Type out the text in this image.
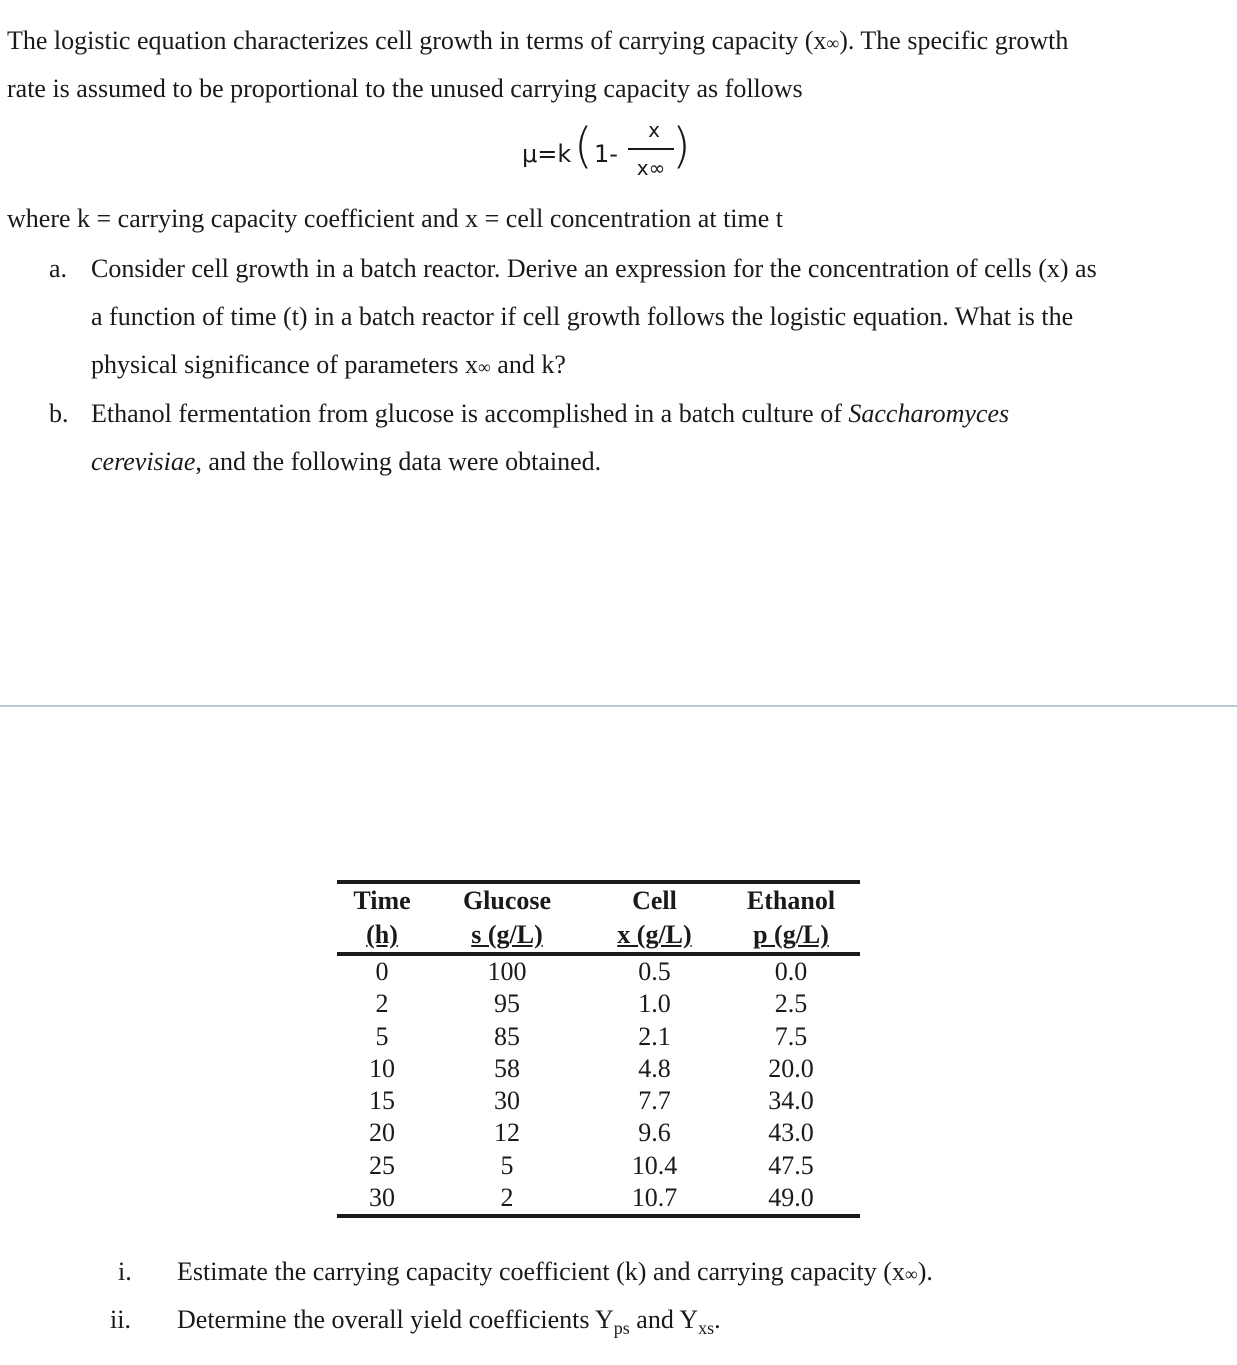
The logistic equation characterizes cell growth in terms of carrying capacity (x∞). The specific growth
rate is assumed to be proportional to the unused carrying capacity as follows
μ=k ( 1-
x
x∞ )
where k = carrying capacity coefficient and x = cell concentration at time t
a. Consider cell growth in a batch reactor. Derive an expression for the concentration of cells (x) as
a function of time (t) in a batch reactor if cell growth follows the logistic equation. What is the
physical significance of parameters x∞ and k?
b. Ethanol fermentation from glucose is accomplished in a batch culture of Saccharomyces
cerevisiae, and the following data were obtained.
Time	Glucose	Cell	Ethanol
(h)	s (g/L)	x (g/L)	p (g/L)
0	100	0.5	0.0
2	95	1.0	2.5
5	85	2.1	7.5
10	58	4.8	20.0
15	30	7.7	34.0
20	12	9.6	43.0
25	5	10.4	47.5
30	2	10.7	49.0
i. Estimate the carrying capacity coefficient (k) and carrying capacity (x∞).
ii. Determine the overall yield coefficients $Y_{ps}$ and $Y_{xs}$.
